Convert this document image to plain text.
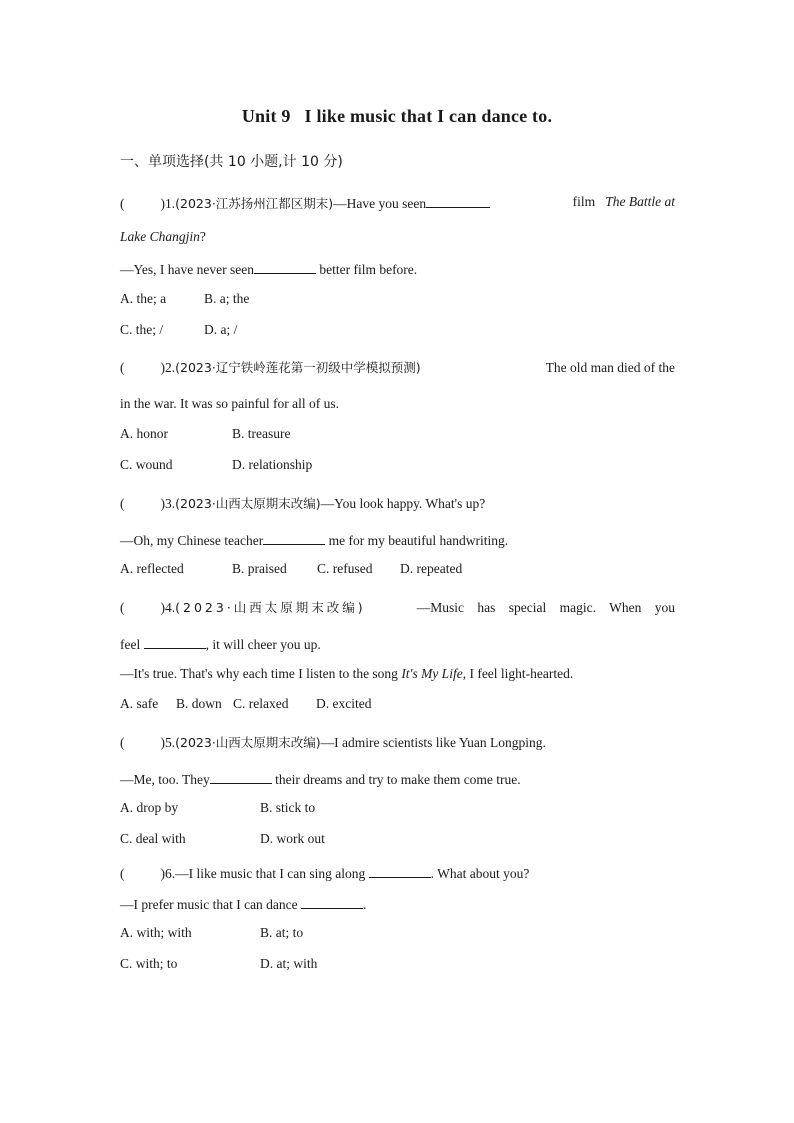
Unit 9 I like music that I can dance to.
一、单项选择(共 10 小题,计 10 分)
(	)1.(2023·江苏扬州江都区期末)—Have you seen	film The Battle at
Lake Changjin?
—Yes, I have never seen	better film before.
A. the; a	B. a; the
C. the; /	D. a; /
(	)2.(2023·辽宁铁岭莲花第一初级中学模拟预测)	The old man died of the
in the war. It was so painful for all of us.
A. honor	B. treasure
C. wound	D. relationship
(	)3.(2023·山西太原期末改编)—You look happy. What's up?
—Oh, my Chinese teacher	me for my beautiful handwriting.
A. reflected	B. praised C. refused D. repeated
(	)4.(2023·山西太原期末改编)	—Music has special magic. When you
feel	, it will cheer you up.
—It's true. That's why each time I listen to the song It's My Life, I feel light-hearted.
A. safe B. down C. relaxed D. excited
(	)5.(2023·山西太原期末改编)—I admire scientists like Yuan Longping.
—Me, too. They	their dreams and try to make them come true.
A. drop by	B. stick to
C. deal with	D. work out
(	)6.—I like music that I can sing along	. What about you?
—I prefer music that I can dance	.
A. with; with	B. at; to
C. with; to	D. at; with
